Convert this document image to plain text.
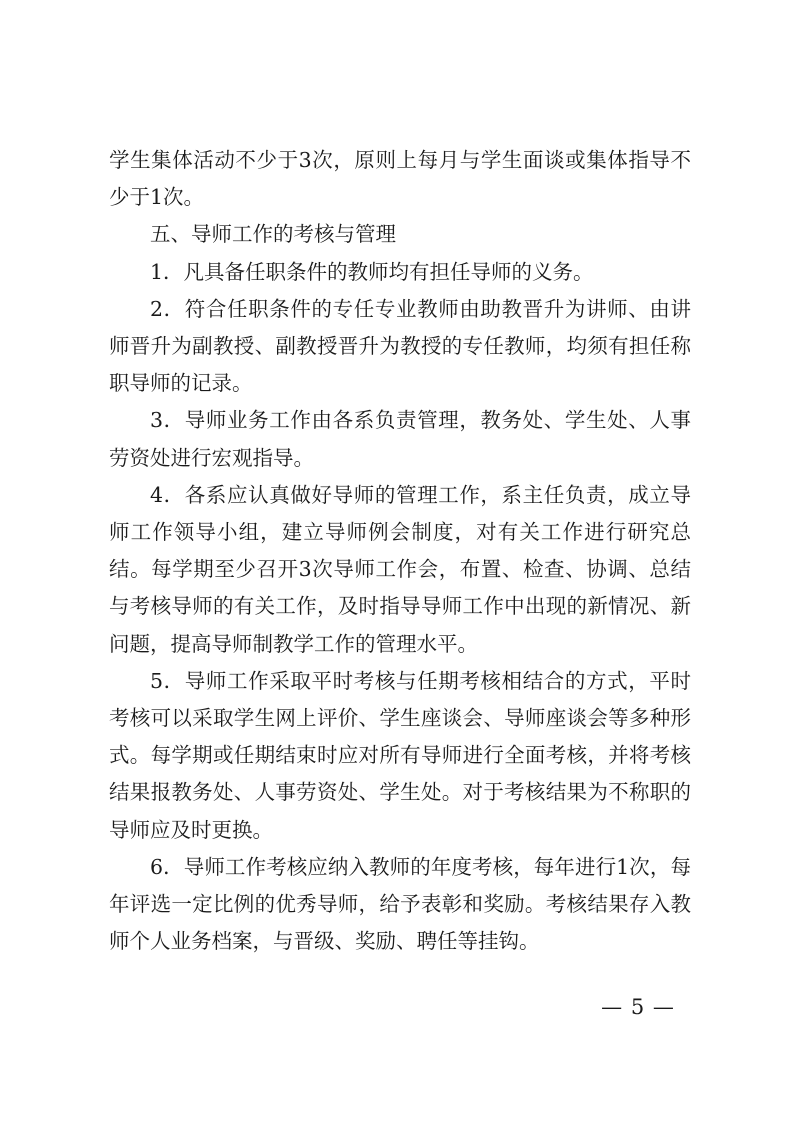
学生集体活动不少于3次，原则上每月与学生面谈或集体指导不少于1次。

五、导师工作的考核与管理

1．凡具备任职条件的教师均有担任导师的义务。

2．符合任职条件的专任专业教师由助教晋升为讲师、由讲师晋升为副教授、副教授晋升为教授的专任教师，均须有担任称职导师的记录。

3．导师业务工作由各系负责管理，教务处、学生处、人事劳资处进行宏观指导。

4．各系应认真做好导师的管理工作，系主任负责，成立导师工作领导小组，建立导师例会制度，对有关工作进行研究总结。每学期至少召开3次导师工作会，布置、检查、协调、总结与考核导师的有关工作，及时指导导师工作中出现的新情况、新问题，提高导师制教学工作的管理水平。

5．导师工作采取平时考核与任期考核相结合的方式，平时考核可以采取学生网上评价、学生座谈会、导师座谈会等多种形式。每学期或任期结束时应对所有导师进行全面考核，并将考核结果报教务处、人事劳资处、学生处。对于考核结果为不称职的导师应及时更换。

6．导师工作考核应纳入教师的年度考核，每年进行1次，每年评选一定比例的优秀导师，给予表彰和奖励。考核结果存入教师个人业务档案，与晋级、奖励、聘任等挂钩。

— 5 —
